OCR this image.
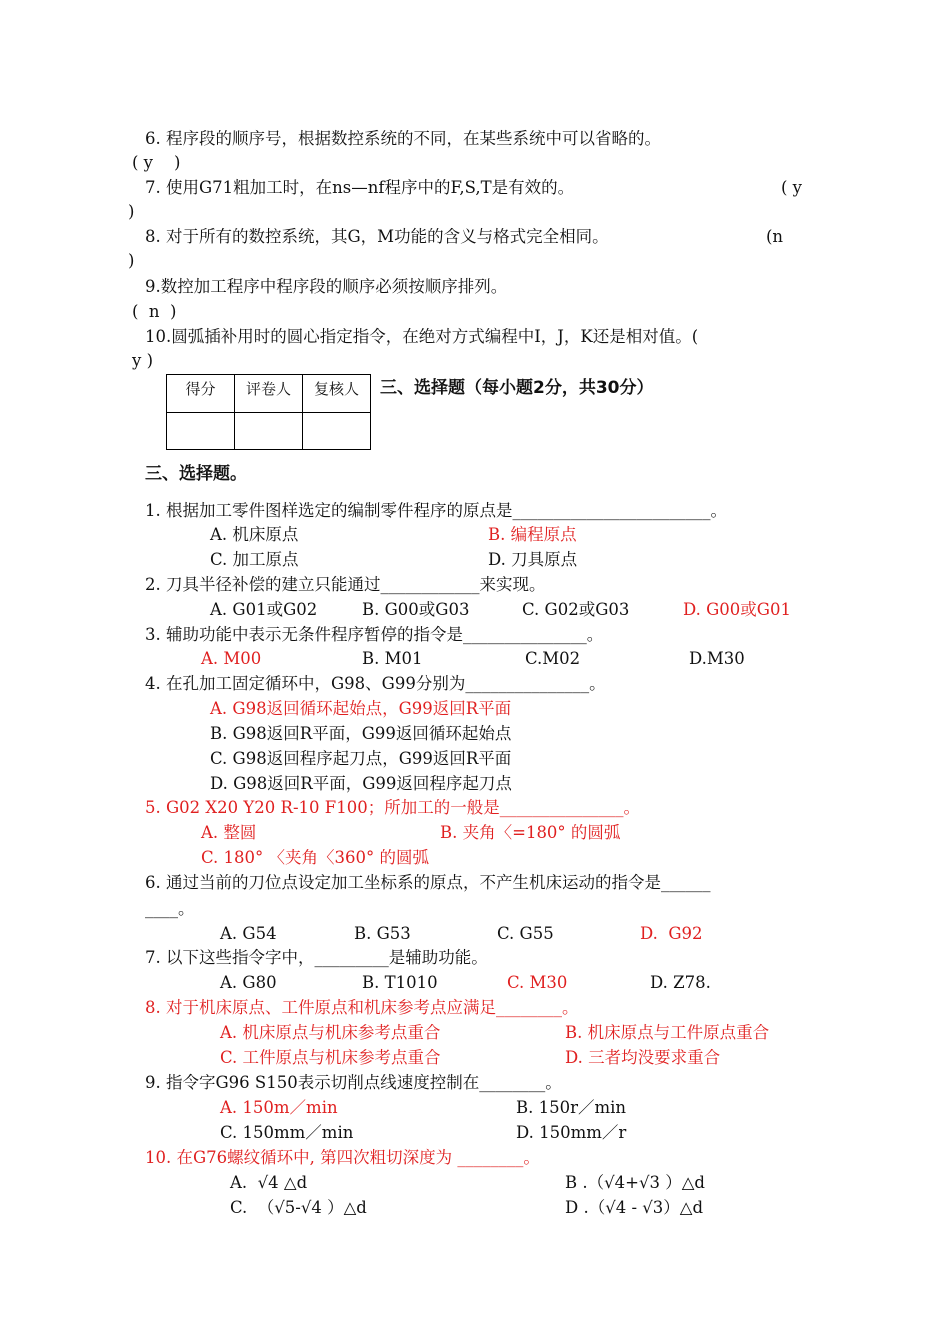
6. 程序段的顺序号，根据数控系统的不同，在某些系统中可以省略的。
( y    )
7. 使用G71粗加工时，在ns—nf程序中的F,S,T是有效的。	( y
)
8. 对于所有的数控系统，其G，M功能的含义与格式完全相同。	(n
)
9.数控加工程序中程序段的顺序必须按顺序排列。
(  n  )
10.圆弧插补用时的圆心指定指令，在绝对方式编程中I，J，K还是相对值。(
y )
得分	评卷人	复核人
		三、选择题（每小题2分，共30分）
三、选择题。
1. 根据加工零件图样选定的编制零件程序的原点是________________________。
A. 机床原点	B. 编程原点
C. 加工原点	D. 刀具原点
2. 刀具半径补偿的建立只能通过____________来实现。
A. G01或G02	B. G00或G03	C. G02或G03	D. G00或G01
3. 辅助功能中表示无条件程序暂停的指令是_______________。
A. M00	B. M01	C.M02	D.M30
4. 在孔加工固定循环中，G98、G99分别为_______________。
A. G98返回循环起始点，G99返回R平面
B. G98返回R平面，G99返回循环起始点
C. G98返回程序起刀点，G99返回R平面
D. G98返回R平面，G99返回程序起刀点
5. G02 X20 Y20 R-10 F100；所加工的一般是_______________。
A. 整圆	B. 夹角〈=180° 的圆弧
C. 180° 〈夹角〈360° 的圆弧
6. 通过当前的刀位点设定加工坐标系的原点，不产生机床运动的指令是______
____。
A. G54	B. G53	C. G55	D.  G92
7. 以下这些指令字中，_________是辅助功能。
A. G80	B. T1010	C. M30	D. Z78.
8. 对于机床原点、工件原点和机床参考点应满足________。
A. 机床原点与机床参考点重合	B. 机床原点与工件原点重合
C. 工件原点与机床参考点重合	D. 三者均没要求重合
9. 指令字G96 S150表示切削点线速度控制在________。
A. 150m／min	B. 150r／min
C. 150mm／min	D. 150mm／r
10. 在G76螺纹循环中, 第四次粗切深度为 ________。
A.  √4 △d	B .（√4+√3 ）△d
C.  （√5-√4 ）△d	D .（√4 - √3）△d
